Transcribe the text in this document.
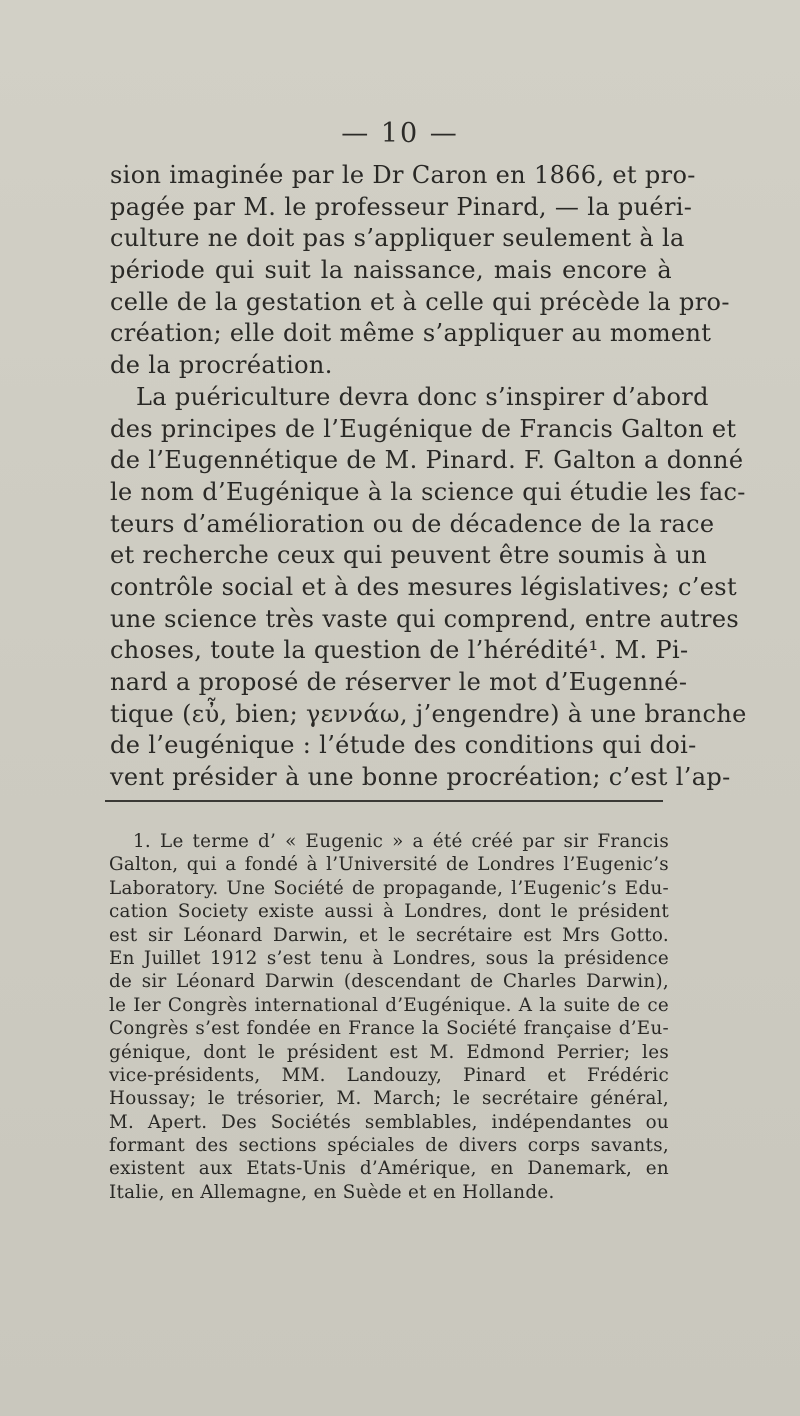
— 10 —
sion imaginée par le Dr Caron en 1866, et pro-
pagée par M. le professeur Pinard, — la puéri-
culture ne doit pas s’appliquer seulement à la
période qui suit la naissance, mais encore à
celle de la gestation et à celle qui précède la pro-
création; elle doit même s’appliquer au moment
de la procréation.
La puériculture devra donc s’inspirer d’abord
des principes de l’Eugénique de Francis Galton et
de l’Eugennétique de M. Pinard. F. Galton a donné
le nom d’Eugénique à la science qui étudie les fac-
teurs d’amélioration ou de décadence de la race
et recherche ceux qui peuvent être soumis à un
contrôle social et à des mesures législatives; c’est
une science très vaste qui comprend, entre autres
choses, toute la question de l’hérédité¹. M. Pi-
nard a proposé de réserver le mot d’Eugenné-
tique (εὖ, bien; γεννάω, j’engendre) à une branche
de l’eugénique : l’étude des conditions qui doi-
vent présider à une bonne procréation; c’est l’ap-
1. Le terme d’ « Eugenic » a été créé par sir Francis
Galton, qui a fondé à l’Université de Londres l’Eugenic’s
Laboratory. Une Société de propagande, l’Eugenic’s Edu-
cation Society existe aussi à Londres, dont le président
est sir Léonard Darwin, et le secrétaire est Mrs Gotto.
En Juillet 1912 s’est tenu à Londres, sous la présidence
de sir Léonard Darwin (descendant de Charles Darwin),
le Ier Congrès international d’Eugénique. A la suite de ce
Congrès s’est fondée en France la Société française d’Eu-
génique, dont le président est M. Edmond Perrier; les
vice-présidents, MM. Landouzy, Pinard et Frédéric
Houssay; le trésorier, M. March; le secrétaire général,
M. Apert. Des Sociétés semblables, indépendantes ou
formant des sections spéciales de divers corps savants,
existent aux Etats-Unis d’Amérique, en Danemark, en
Italie, en Allemagne, en Suède et en Hollande.
